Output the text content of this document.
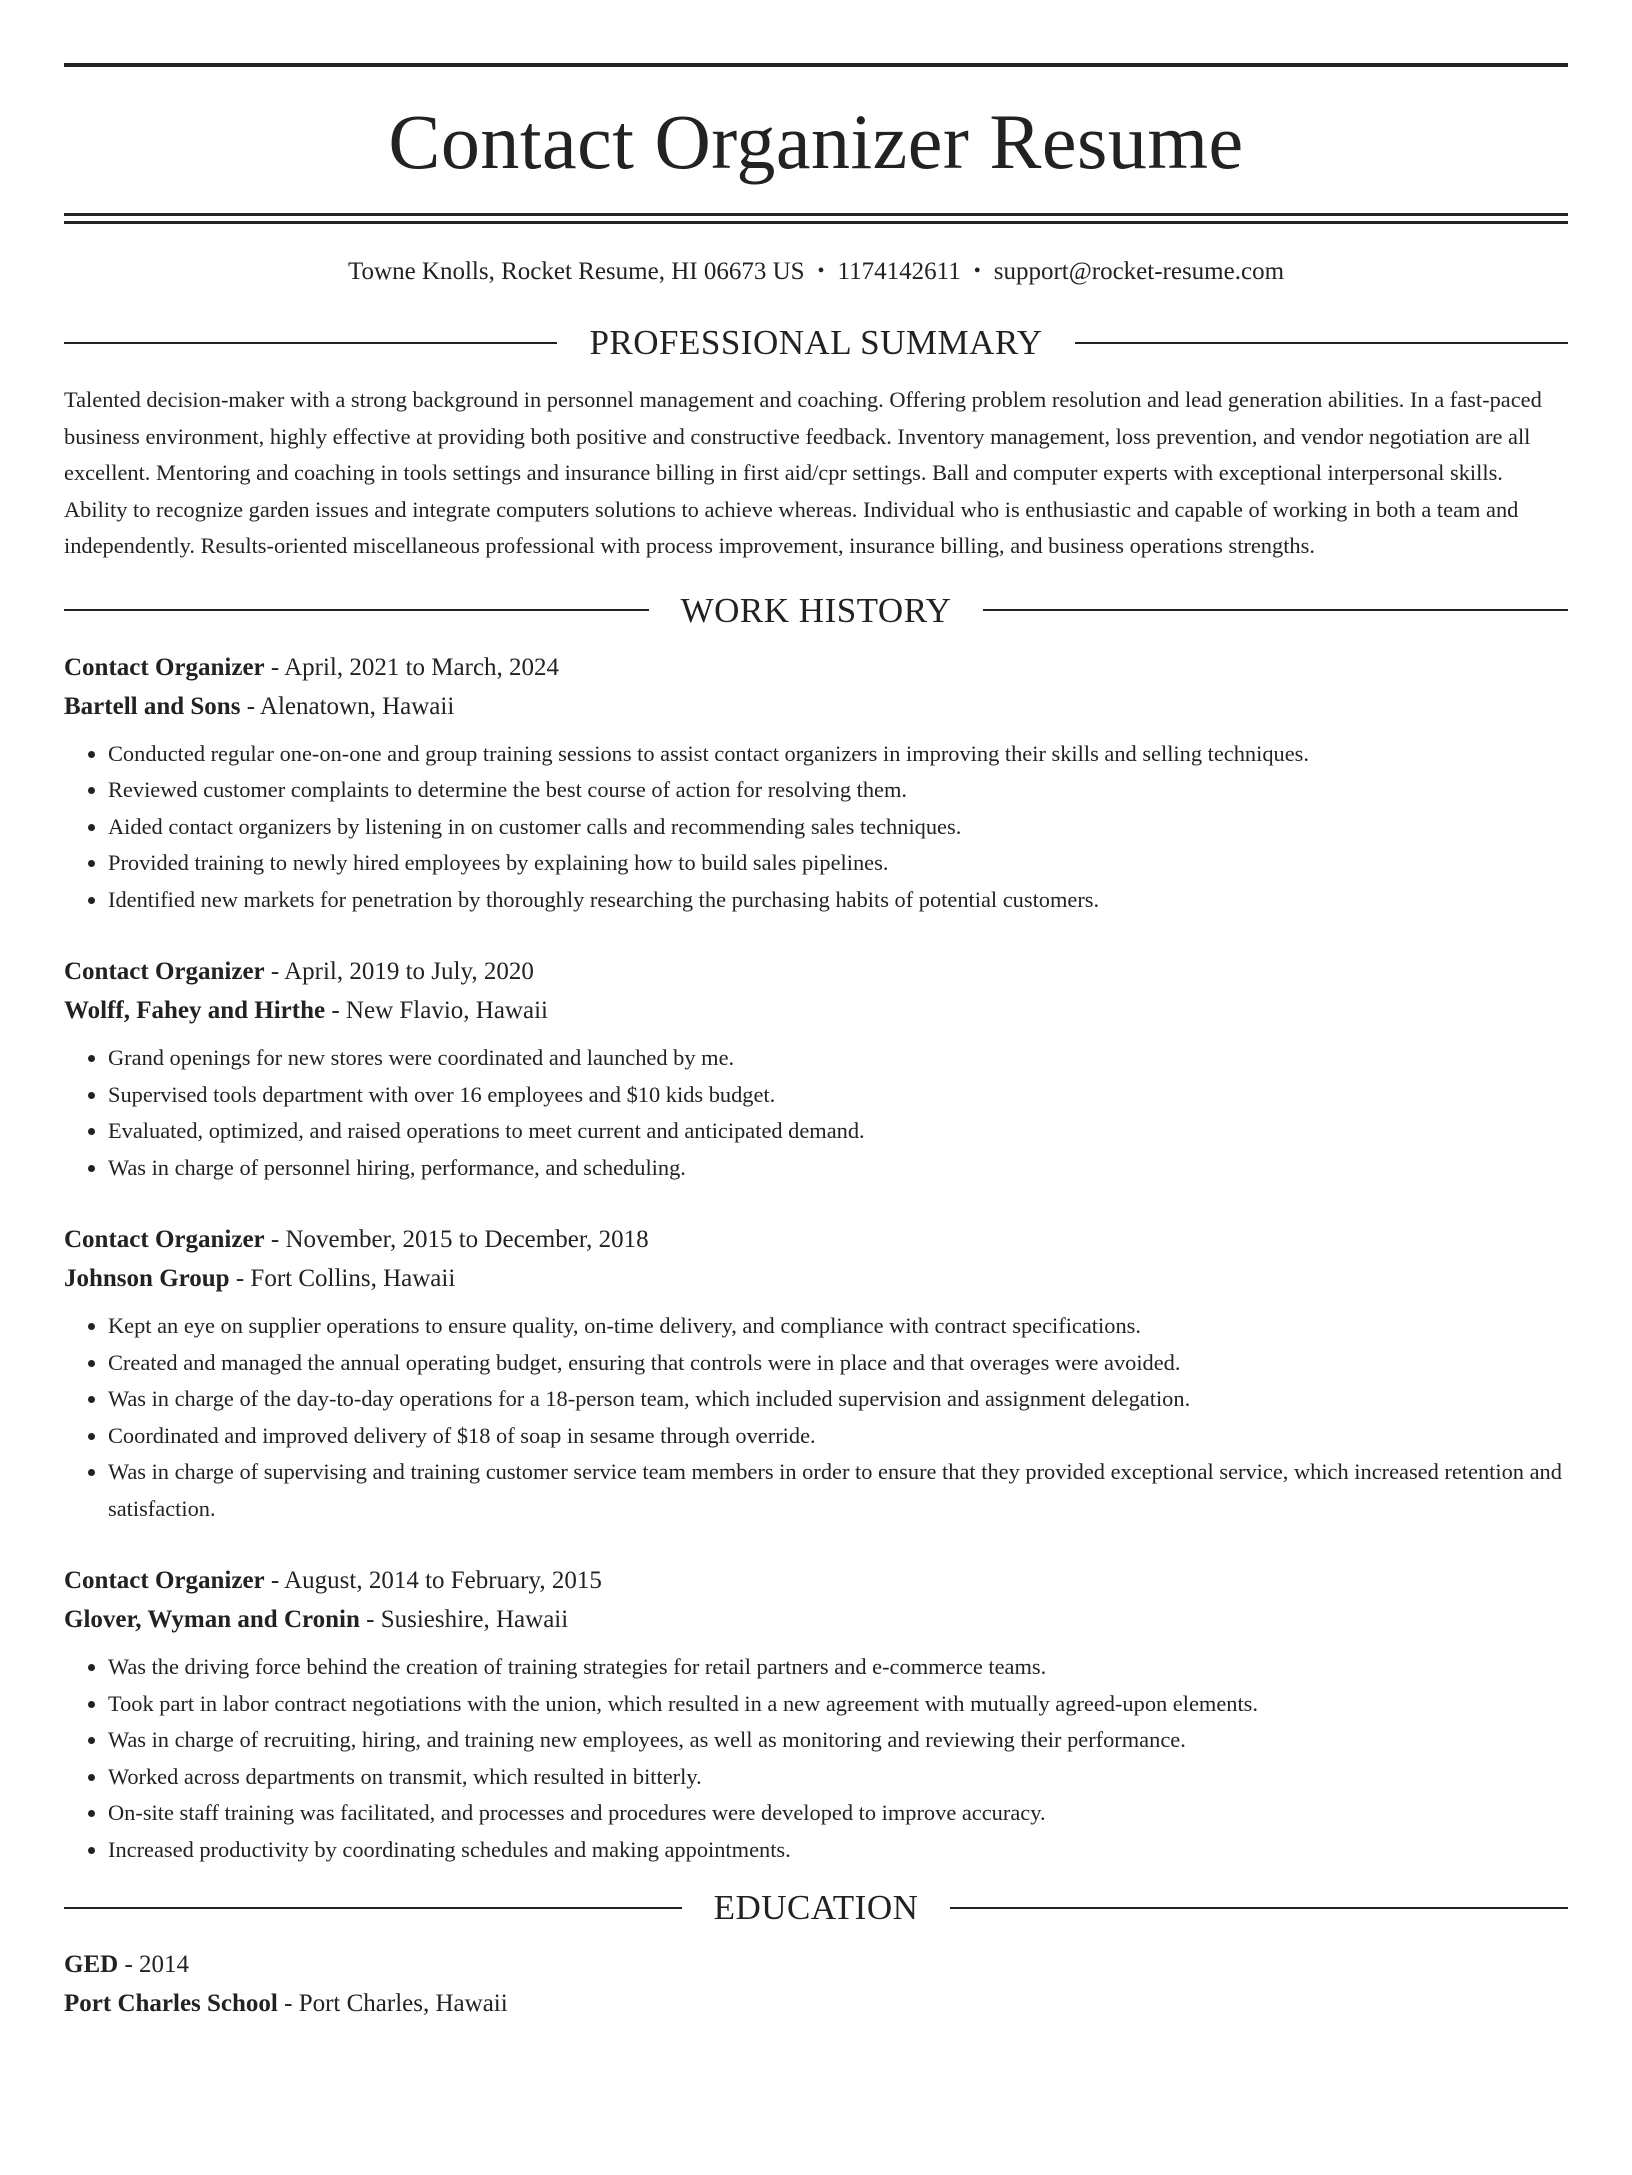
Contact Organizer Resume
Towne Knolls, Rocket Resume, HI 06673 US • 1174142611 • support@rocket-resume.com
PROFESSIONAL SUMMARY

Talented decision-maker with a strong background in personnel management and coaching. Offering problem resolution and lead generation abilities. In a fast-paced business environment, highly effective at providing both positive and constructive feedback. Inventory management, loss prevention, and vendor negotiation are all excellent. Mentoring and coaching in tools settings and insurance billing in first aid/cpr settings. Ball and computer experts with exceptional interpersonal skills. Ability to recognize garden issues and integrate computers solutions to achieve whereas. Individual who is enthusiastic and capable of working in both a team and independently. Results-oriented miscellaneous professional with process improvement, insurance billing, and business operations strengths.

WORK HISTORY
Contact Organizer - April, 2021 to March, 2024
Bartell and Sons - Alenatown, Hawaii
• Conducted regular one-on-one and group training sessions to assist contact organizers in improving their skills and selling techniques.
• Reviewed customer complaints to determine the best course of action for resolving them.
• Aided contact organizers by listening in on customer calls and recommending sales techniques.
• Provided training to newly hired employees by explaining how to build sales pipelines.
• Identified new markets for penetration by thoroughly researching the purchasing habits of potential customers.
Contact Organizer - April, 2019 to July, 2020
Wolff, Fahey and Hirthe - New Flavio, Hawaii
• Grand openings for new stores were coordinated and launched by me.
• Supervised tools department with over 16 employees and $10 kids budget.
• Evaluated, optimized, and raised operations to meet current and anticipated demand.
• Was in charge of personnel hiring, performance, and scheduling.
Contact Organizer - November, 2015 to December, 2018
Johnson Group - Fort Collins, Hawaii
• Kept an eye on supplier operations to ensure quality, on-time delivery, and compliance with contract specifications.
• Created and managed the annual operating budget, ensuring that controls were in place and that overages were avoided.
• Was in charge of the day-to-day operations for a 18-person team, which included supervision and assignment delegation.
• Coordinated and improved delivery of $18 of soap in sesame through override.
• Was in charge of supervising and training customer service team members in order to ensure that they provided exceptional service, which increased retention and satisfaction.
Contact Organizer - August, 2014 to February, 2015
Glover, Wyman and Cronin - Susieshire, Hawaii
• Was the driving force behind the creation of training strategies for retail partners and e-commerce teams.
• Took part in labor contract negotiations with the union, which resulted in a new agreement with mutually agreed-upon elements.
• Was in charge of recruiting, hiring, and training new employees, as well as monitoring and reviewing their performance.
• Worked across departments on transmit, which resulted in bitterly.
• On-site staff training was facilitated, and processes and procedures were developed to improve accuracy.
• Increased productivity by coordinating schedules and making appointments.
EDUCATION
GED - 2014
Port Charles School - Port Charles, Hawaii
